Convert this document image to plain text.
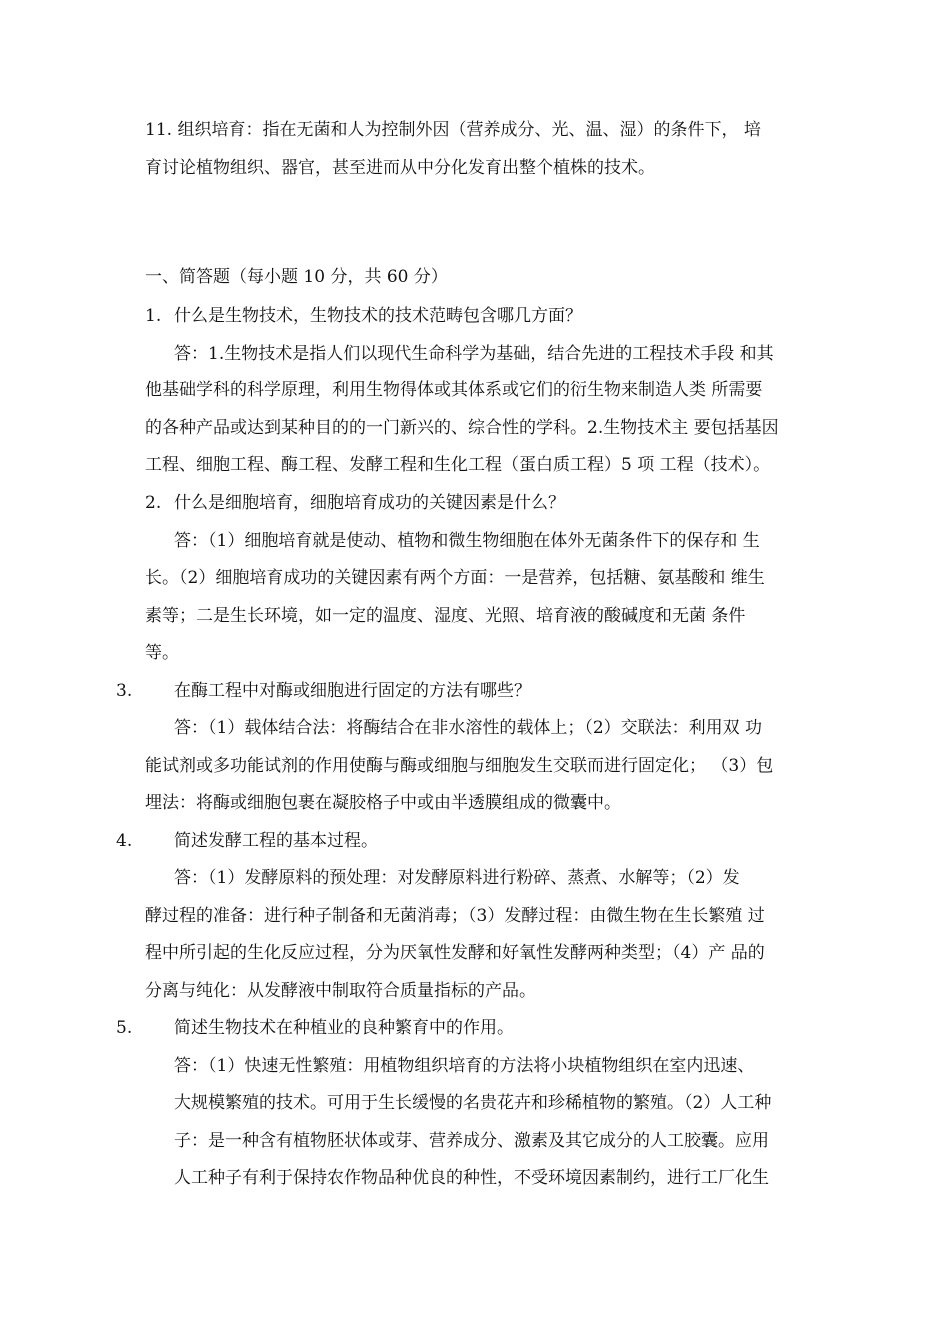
11. 组织培育：指在无菌和人为控制外因（营养成分、光、温、湿）的条件下， 培
育讨论植物组织、器官，甚至进而从中分化发育出整个植株的技术。
一、简答题（每小题 10 分，共 60 分）
1. 什么是生物技术，生物技术的技术范畴包含哪几方面？
答：1.生物技术是指人们以现代生命科学为基础，结合先进的工程技术手段 和其
他基础学科的科学原理，利用生物得体或其体系或它们的衍生物来制造人类 所需要
的各种产品或达到某种目的的一门新兴的、综合性的学科。2.生物技术主 要包括基因
工程、细胞工程、酶工程、发酵工程和生化工程（蛋白质工程）5 项 工程（技术）。
2. 什么是细胞培育，细胞培育成功的关键因素是什么？
答：（1）细胞培育就是使动、植物和微生物细胞在体外无菌条件下的保存和 生
长。（2）细胞培育成功的关键因素有两个方面：一是营养，包括糖、氨基酸和 维生
素等；二是生长环境，如一定的温度、湿度、光照、培育液的酸碱度和无菌 条件
等。
3. 在酶工程中对酶或细胞进行固定的方法有哪些？
答：（1）载体结合法：将酶结合在非水溶性的载体上；（2）交联法：利用双 功
能试剂或多功能试剂的作用使酶与酶或细胞与细胞发生交联而进行固定化； （3）包
埋法：将酶或细胞包裹在凝胶格子中或由半透膜组成的微囊中。
4. 简述发酵工程的基本过程。
答：（1）发酵原料的预处理：对发酵原料进行粉碎、蒸煮、水解等；（2）发
酵过程的准备：进行种子制备和无菌消毒；（3）发酵过程：由微生物在生长繁殖 过
程中所引起的生化反应过程，分为厌氧性发酵和好氧性发酵两种类型；（4）产 品的
分离与纯化：从发酵液中制取符合质量指标的产品。
5. 简述生物技术在种植业的良种繁育中的作用。
答：（1）快速无性繁殖：用植物组织培育的方法将小块植物组织在室内迅速、
大规模繁殖的技术。可用于生长缓慢的名贵花卉和珍稀植物的繁殖。（2）人工种
子：是一种含有植物胚状体或芽、营养成分、激素及其它成分的人工胶囊。应用
人工种子有利于保持农作物品种优良的种性，不受环境因素制约，进行工厂化生
